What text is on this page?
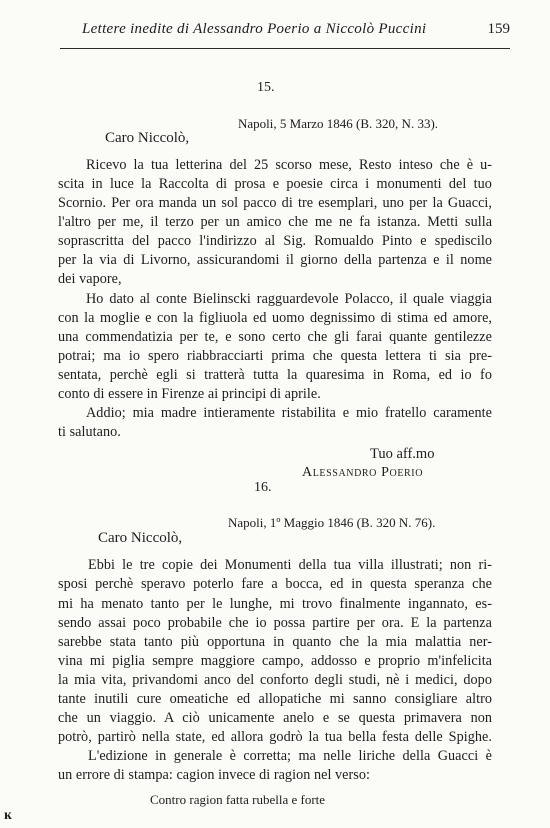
Lettere inedite di Alessandro Poerio a Niccolò Puccini	159
15.
Napoli, 5 Marzo 1846 (B. 320, N. 33).
Caro Niccolò,
Ricevo la tua letterina del 25 scorso mese, Resto inteso che è u-
scita in luce la Raccolta di prosa e poesie circa i monumenti del tuo
Scornio. Per ora manda un sol pacco di tre esemplari, uno per la Guacci,
l'altro per me, il terzo per un amico che me ne fa istanza. Metti sulla
soprascritta del pacco l'indirizzo al Sig. Romualdo Pinto e spediscilo
per la via di Livorno, assicurandomi il giorno della partenza e il nome
dei vapore,
Ho dato al conte Bielinscki ragguardevole Polacco, il quale viaggia
con la moglie e con la figliuola ed uomo degnissimo di stima ed amore,
una commendatizia per te, e sono certo che gli farai quante gentilezze
potrai; ma io spero riabbracciarti prima che questa lettera ti sia pre-
sentata, perchè egli si tratterà tutta la quaresima in Roma, ed io fo
conto di essere in Firenze ai principi di aprile.
Addio; mia madre intieramente ristabilita e mio fratello caramente
ti salutano.
Tuo aff.mo
Alessandro Poerio
16.
Napoli, 1º Maggio 1846 (B. 320 N. 76).
Caro Niccolò,
Ebbi le tre copie dei Monumenti della tua villa illustrati; non ri-
sposi perchè speravo poterlo fare a bocca, ed in questa speranza che
mi ha menato tanto per le lunghe, mi trovo finalmente ingannato, es-
sendo assai poco probabile che io possa partire per ora. E la partenza
sarebbe stata tanto più opportuna in quanto che la mia malattia ner-
vina mi piglia sempre maggiore campo, addosso e proprio m'infelicita
la mia vita, privandomi anco del conforto degli studi, nè i medici, dopo
tante inutili cure omeatiche ed allopatiche mi sanno consigliare altro
che un viaggio. A ciò unicamente anelo e se questa primavera non
potrò, partirò nella state, ed allora godrò la tua bella festa delle Spighe.
L'edizione in generale è corretta; ma nelle liriche della Guacci è
un errore di stampa: cagion invece di ragion nel verso:
Contro ragion fatta rubella e forte
ĸ
